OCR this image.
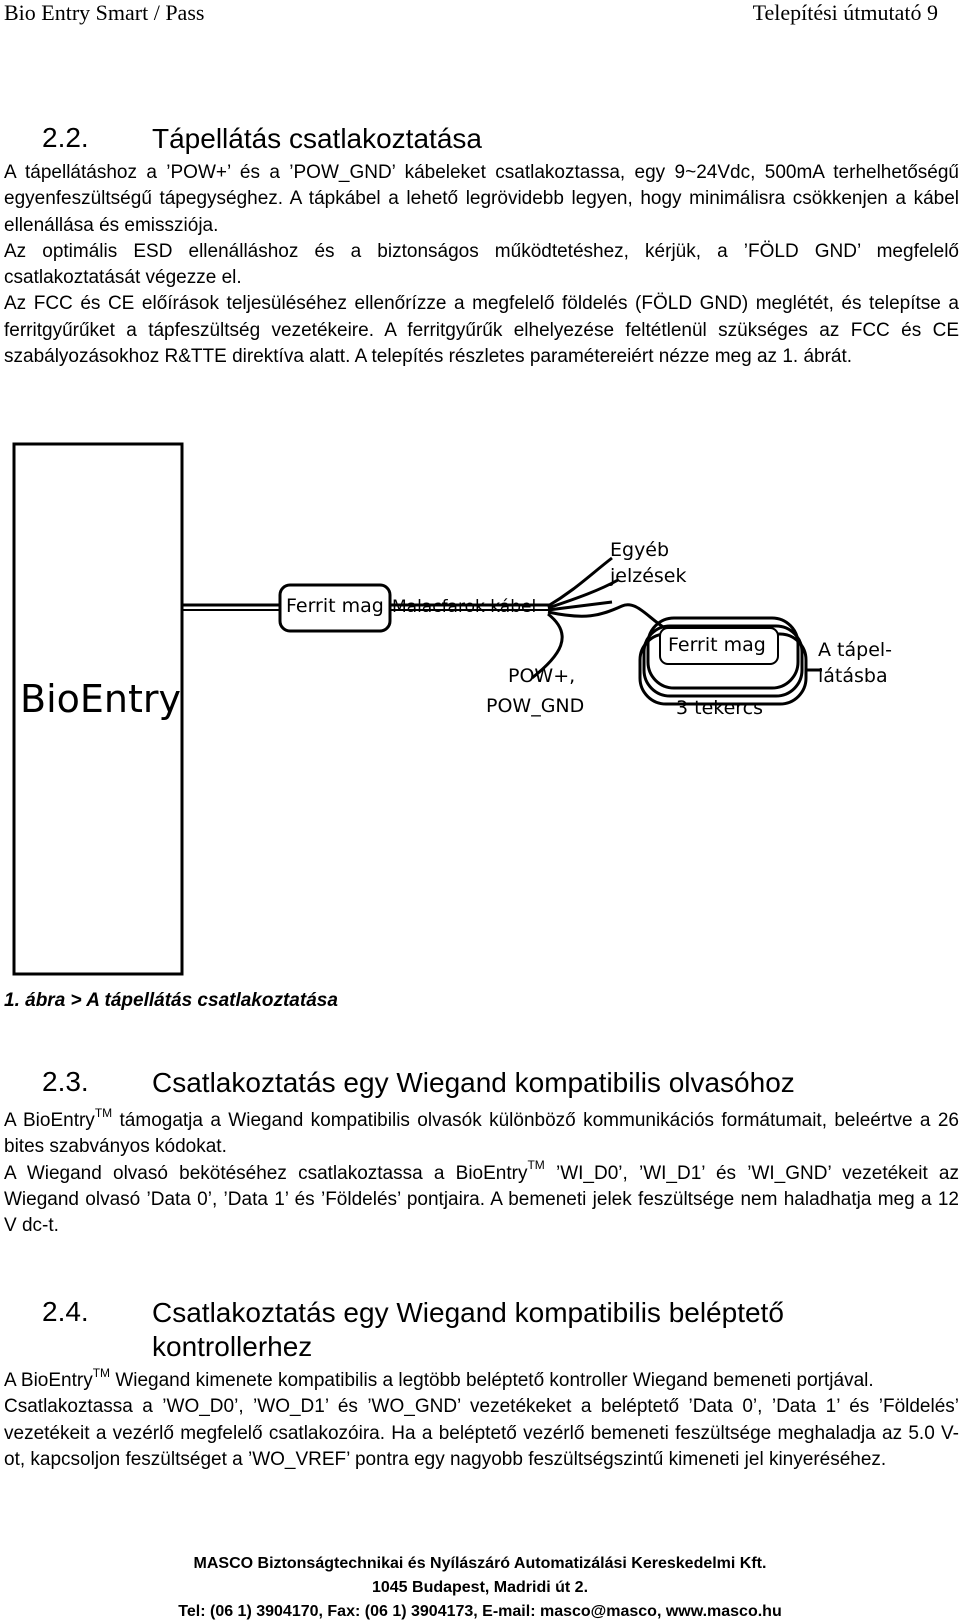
Bio Entry Smart / Pass	Telepítési útmutató 9
2.2. Tápellátás csatlakoztatása

A tápellátáshoz a ’POW+’ és a ’POW_GND’ kábeleket csatlakoztassa, egy 9~24Vdc, 500mA terhelhetőségű egyenfeszültségű tápegységhez. A tápkábel a lehető legrövidebb legyen, hogy minimálisra csökkenjen a kábel ellenállása és emissziója.

Az optimális ESD ellenálláshoz és a biztonságos működtetéshez, kérjük, a ’FÖLD GND’ megfelelő csatlakoztatását végezze el.

Az FCC és CE előírások teljesüléséhez ellenőrízze a megfelelő földelés (FÖLD GND) meglétét, és telepítse a ferritgyűrűket a tápfeszültség vezetékeire. A ferritgyűrűk elhelyezése feltétlenül szükséges az FCC és CE szabályozásokhoz R&TTE direktíva alatt. A telepítés részletes paramétereiért nézze meg az 1. ábrát.

BioEntry
Ferrit mag Malacfarok kábel
Ferrit mag
Egyéb
jelzések
POW+,
POW_GND	3 tekercs
A tápel-
látásba
1. ábra > A tápellátás csatlakoztatása
2.3. Csatlakoztatás egy Wiegand kompatibilis olvasóhoz

A BioEntry™ támogatja a Wiegand kompatibilis olvasók különböző kommunikációs formátumait, beleértve a 26 bites szabványos kódokat.

A Wiegand olvasó bekötéséhez csatlakoztassa a BioEntry™ ’WI_D0’, ’WI_D1’ és ’WI_GND’ vezetékeit az Wiegand olvasó ’Data 0’, ’Data 1’ és ’Földelés’ pontjaira. A bemeneti jelek feszültsége nem haladhatja meg a 12 V dc-t.

2.4. Csatlakoztatás egy Wiegand kompatibilis beléptető kontrollerhez

A BioEntry™ Wiegand kimenete kompatibilis a legtöbb beléptető kontroller Wiegand bemeneti portjával.

Csatlakoztassa a ’WO_D0’, ’WO_D1’ és ’WO_GND’ vezetékeket a beléptető ’Data 0’, ’Data 1’ és ’Földelés’ vezetékeit a vezérlő megfelelő csatlakozóira. Ha a beléptető vezérlő bemeneti feszültsége meghaladja az 5.0 V-ot, kapcsoljon feszültséget a ’WO_VREF’ pontra egy nagyobb feszültségszintű kimeneti jel kinyeréséhez.

MASCO Biztonságtechnikai és Nyílászáró Automatizálási Kereskedelmi Kft.
1045 Budapest, Madridi út 2.
Tel: (06 1) 3904170, Fax: (06 1) 3904173, E-mail: masco@masco, www.masco.hu
